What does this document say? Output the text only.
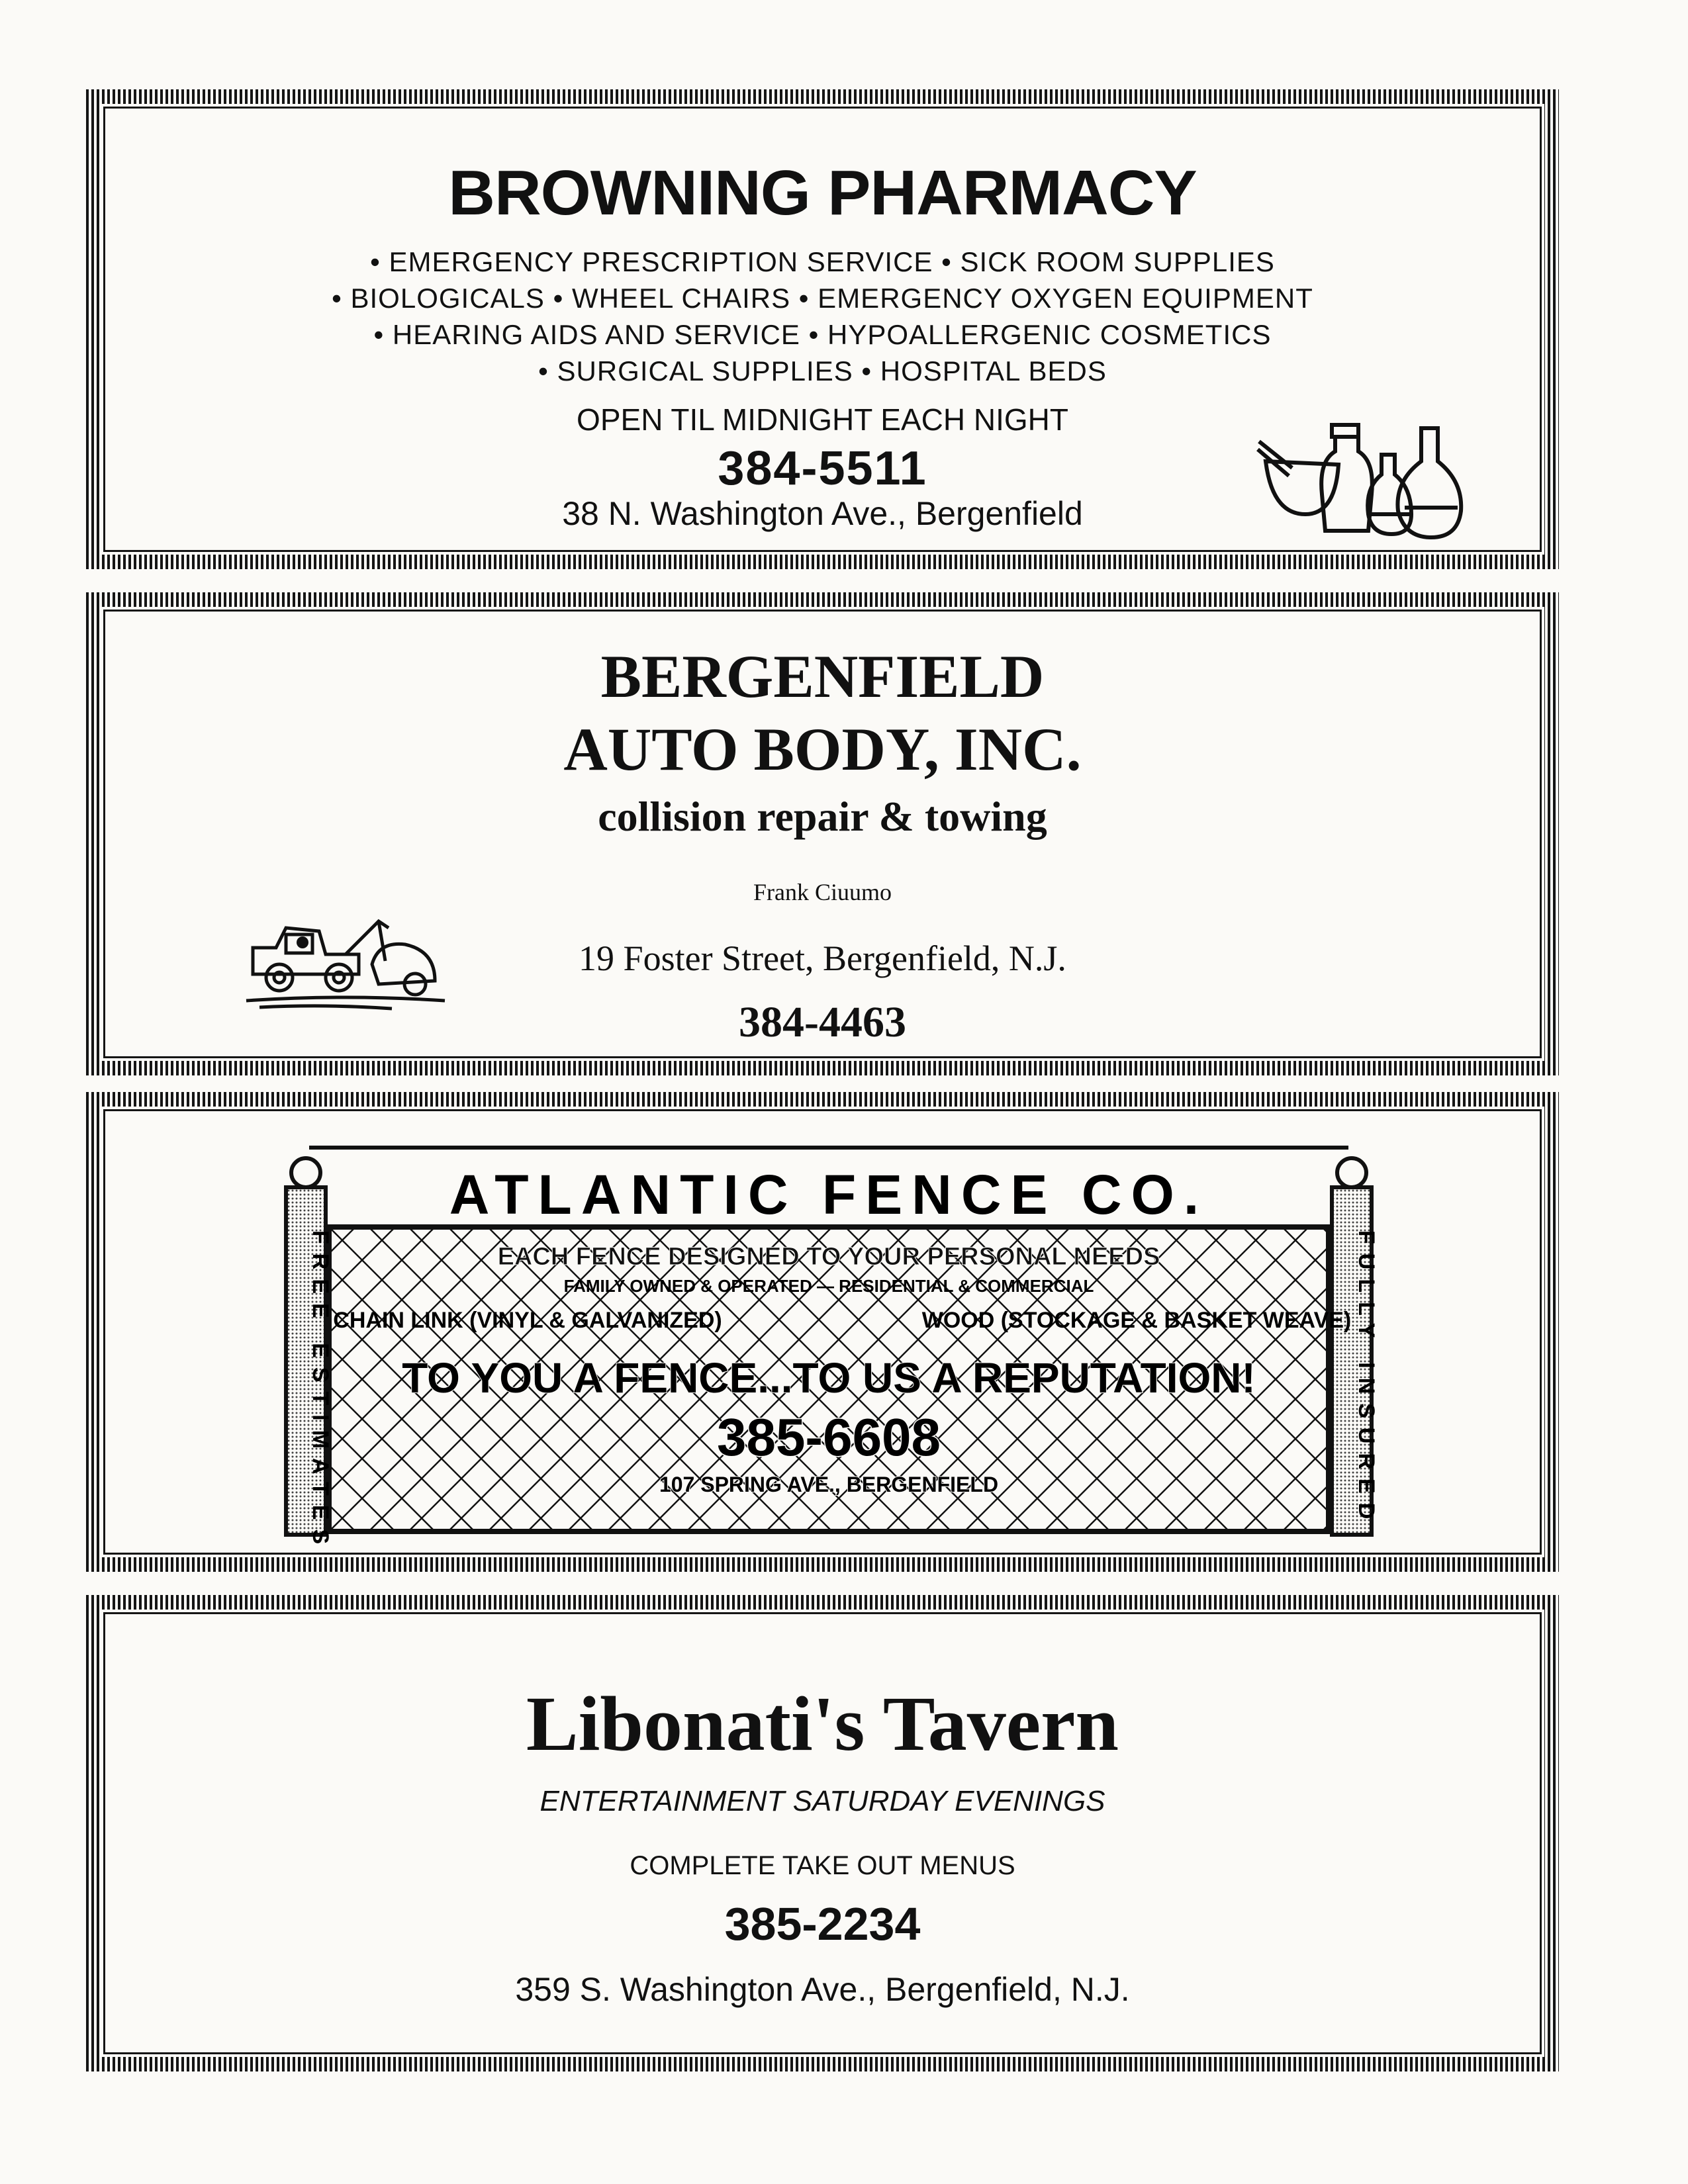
BROWNING PHARMACY
• EMERGENCY PRESCRIPTION SERVICE • SICK ROOM SUPPLIES
• BIOLOGICALS • WHEEL CHAIRS • EMERGENCY OXYGEN EQUIPMENT
• HEARING AIDS AND SERVICE • HYPOALLERGENIC COSMETICS
• SURGICAL SUPPLIES • HOSPITAL BEDS
OPEN TIL MIDNIGHT EACH NIGHT
384-5511
38 N. Washington Ave., Bergenfield
BERGENFIELD
AUTO BODY, INC.
collision repair & towing
Frank Ciuumo
19 Foster Street, Bergenfield, N.J.
384-4463
ATLANTIC FENCE CO.
EACH FENCE DESIGNED TO YOUR PERSONAL NEEDS
FAMILY OWNED & OPERATED — RESIDENTIAL & COMMERCIAL
CHAIN LINK (VINYL & GALVANIZED)	WOOD (STOCKAGE & BASKET WEAVE)
TO YOU A FENCE...TO US A REPUTATION!
385-6608
107 SPRING AVE., BERGENFIELD
FREE ESTIMATES	FULLY INSURED
Libonati's Tavern
ENTERTAINMENT SATURDAY EVENINGS
COMPLETE TAKE OUT MENUS
385-2234
359 S. Washington Ave., Bergenfield, N.J.
